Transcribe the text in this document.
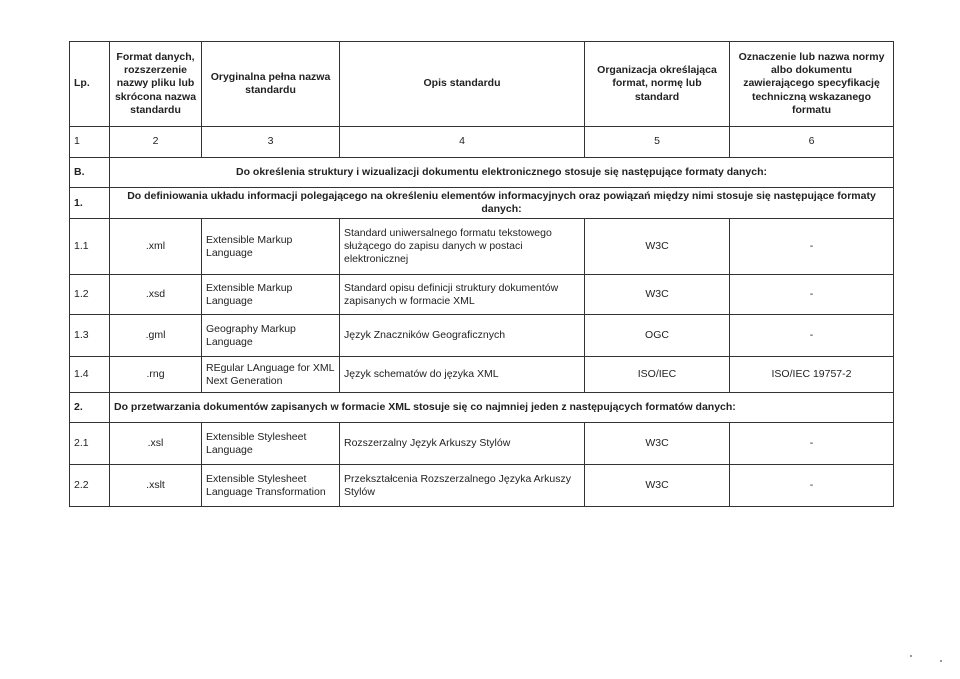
Lp.	Format danych, rozszerzenie nazwy pliku lub skrócona nazwa standardu	Oryginalna pełna nazwa standardu	Opis standardu	Organizacja określająca format, normę lub standard	Oznaczenie lub nazwa normy albo dokumentu zawierającego specyfikację techniczną wskazanego formatu
1	2	3	4	5	6
B.	Do określenia struktury i wizualizacji dokumentu elektronicznego stosuje się następujące formaty danych:				
1.	Do definiowania układu informacji polegającego na określeniu elementów informacyjnych oraz powiązań między nimi stosuje się następujące formaty danych:				
1.1	.xml	Extensible Markup Language	Standard uniwersalnego formatu tekstowego służącego do zapisu danych w postaci elektronicznej	W3C	-
1.2	.xsd	Extensible Markup Language	Standard opisu definicji struktury dokumentów zapisanych w formacie XML	W3C	-
1.3	.gml	Geography Markup Language	Język Znaczników Geograficznych	OGC	-
1.4	.rng	REgular LAnguage for XML Next Generation	Język schematów do języka XML	ISO/IEC	ISO/IEC 19757-2
2.	Do przetwarzania dokumentów zapisanych w formacie XML stosuje się co najmniej jeden z następujących formatów danych:				
2.1	.xsl	Extensible Stylesheet Language	Rozszerzalny Język Arkuszy Stylów	W3C	-
2.2	.xslt	Extensible Stylesheet Language Transformation	Przekształcenia Rozszerzalnego Języka Arkuszy Stylów	W3C	-
